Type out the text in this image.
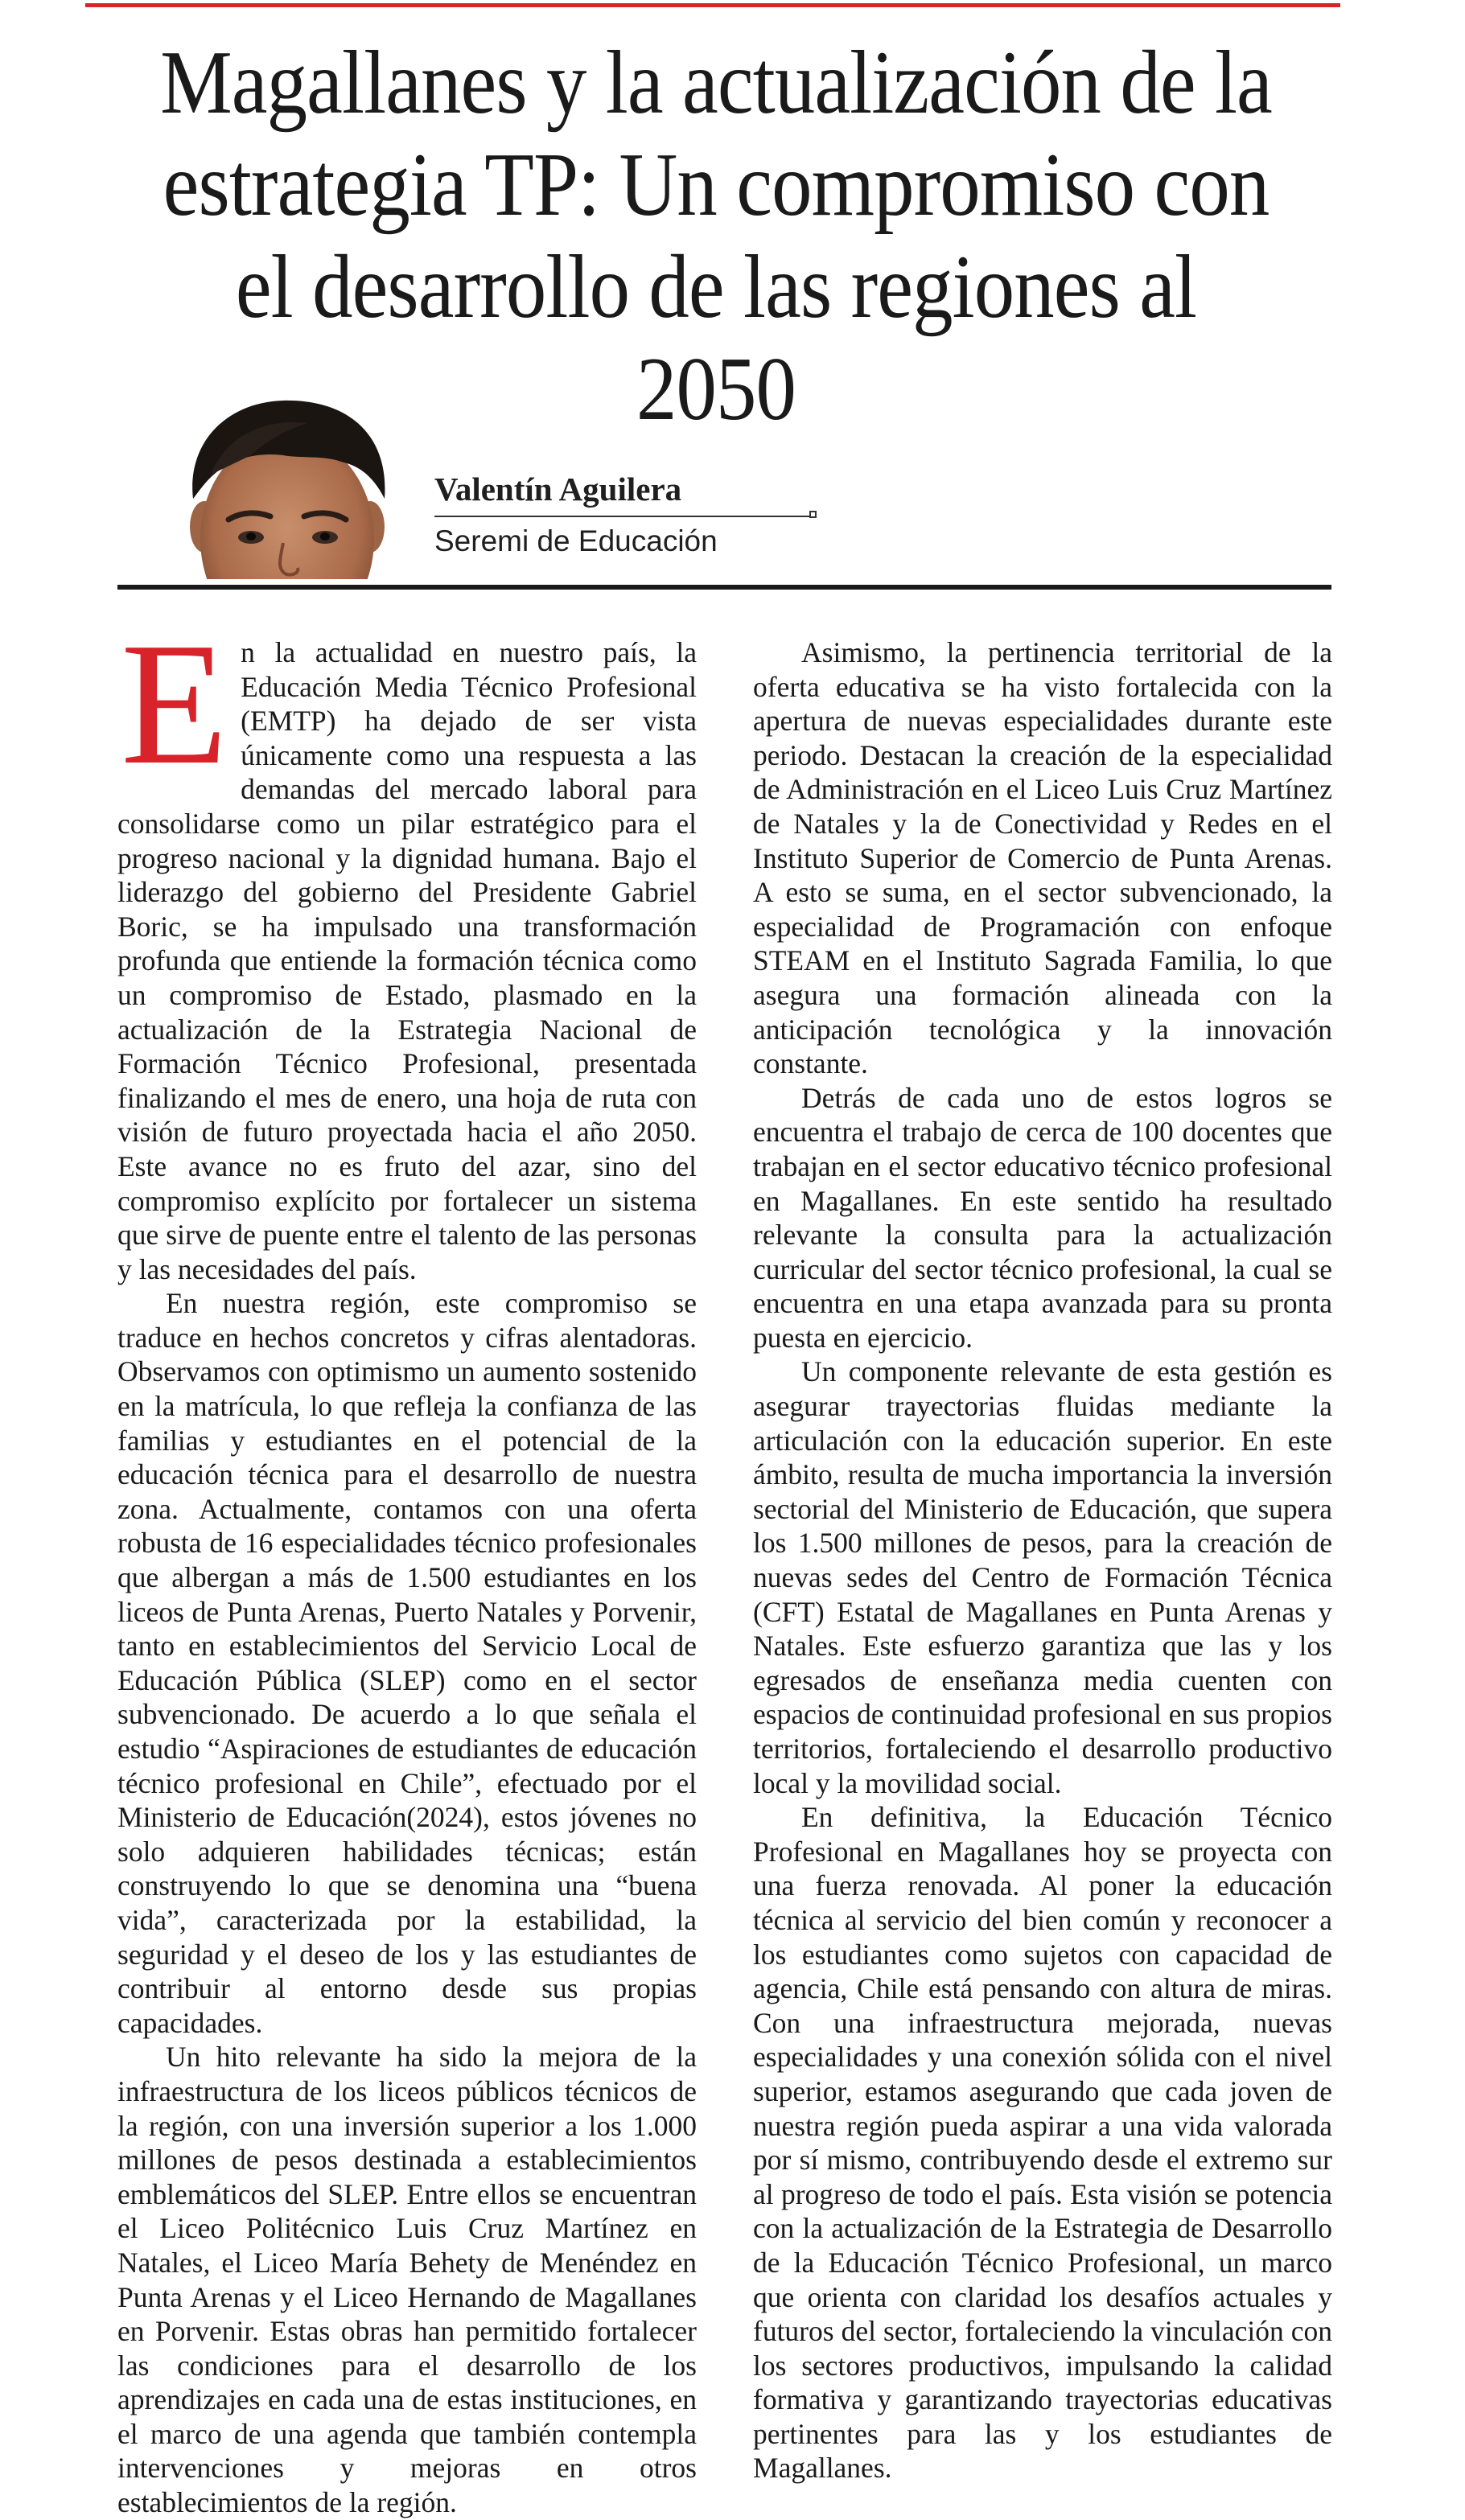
Magallanes y la actualización de la estrategia TP: Un compromiso con el desarrollo de las regiones al 2050
Valentín Aguilera
Seremi de Educación

En la actualidad en nuestro país, la Educación Media Técnico Profesional (EMTP) ha dejado de ser vista únicamente como una respuesta a las demandas del mercado laboral para consolidarse como un pilar estratégico para el progreso nacional y la dignidad humana. Bajo el liderazgo del gobierno del Presidente Gabriel Boric, se ha impulsado una transformación profunda que entiende la formación técnica como un compromiso de Estado, plasmado en la actualización de la Estrategia Nacional de Formación Técnico Profesional, presentada finalizando el mes de enero, una hoja de ruta con visión de futuro proyectada hacia el año 2050. Este avance no es fruto del azar, sino del compromiso explícito por fortalecer un sistema que sirve de puente entre el talento de las personas y las necesidades del país.

En nuestra región, este compromiso se traduce en hechos concretos y cifras alentadoras. Observamos con optimismo un aumento sostenido en la matrícula, lo que refleja la confianza de las familias y estudiantes en el potencial de la educación técnica para el desarrollo de nuestra zona. Actualmente, contamos con una oferta robusta de 16 especialidades técnico profesionales que albergan a más de 1.500 estudiantes en los liceos de Punta Arenas, Puerto Natales y Porvenir, tanto en establecimientos del Servicio Local de Educación Pública (SLEP) como en el sector subvencionado. De acuerdo a lo que señala el estudio “Aspiraciones de estudiantes de educación técnico profesional en Chile”, efectuado por el Ministerio de Educación(2024), estos jóvenes no solo adquieren habilidades técnicas; están construyendo lo que se denomina una “buena vida”, caracterizada por la estabilidad, la seguridad y el deseo de los y las estudiantes de contribuir al entorno desde sus propias capacidades.

Un hito relevante ha sido la mejora de la infraestructura de los liceos públicos técnicos de la región, con una inversión superior a los 1.000 millones de pesos destinada a establecimientos emblemáticos del SLEP. Entre ellos se encuentran el Liceo Politécnico Luis Cruz Martínez en Natales, el Liceo María Behety de Menéndez en Punta Arenas y el Liceo Hernando de Magallanes en Porvenir. Estas obras han permitido fortalecer las condiciones para el desarrollo de los aprendizajes en cada una de estas instituciones, en el marco de una agenda que también contempla intervenciones y mejoras en otros establecimientos de la región.

Asimismo, la pertinencia territorial de la oferta educativa se ha visto fortalecida con la apertura de nuevas especialidades durante este periodo. Destacan la creación de la especialidad de Administración en el Liceo Luis Cruz Martínez de Natales y la de Conectividad y Redes en el Instituto Superior de Comercio de Punta Arenas. A esto se suma, en el sector subvencionado, la especialidad de Programación con enfoque STEAM en el Instituto Sagrada Familia, lo que asegura una formación alineada con la anticipación tecnológica y la innovación constante.

Detrás de cada uno de estos logros se encuentra el trabajo de cerca de 100 docentes que trabajan en el sector educativo técnico profesional en Magallanes. En este sentido ha resultado relevante la consulta para la actualización curricular del sector técnico profesional, la cual se encuentra en una etapa avanzada para su pronta puesta en ejercicio.

Un componente relevante de esta gestión es asegurar trayectorias fluidas mediante la articulación con la educación superior. En este ámbito, resulta de mucha importancia la inversión sectorial del Ministerio de Educación, que supera los 1.500 millones de pesos, para la creación de nuevas sedes del Centro de Formación Técnica (CFT) Estatal de Magallanes en Punta Arenas y Natales. Este esfuerzo garantiza que las y los egresados de enseñanza media cuenten con espacios de continuidad profesional en sus propios territorios, fortaleciendo el desarrollo productivo local y la movilidad social.

En definitiva, la Educación Técnico Profesional en Magallanes hoy se proyecta con una fuerza renovada. Al poner la educación técnica al servicio del bien común y reconocer a los estudiantes como sujetos con capacidad de agencia, Chile está pensando con altura de miras. Con una infraestructura mejorada, nuevas especialidades y una conexión sólida con el nivel superior, estamos asegurando que cada joven de nuestra región pueda aspirar a una vida valorada por sí mismo, contribuyendo desde el extremo sur al progreso de todo el país. Esta visión se potencia con la actualización de la Estrategia de Desarrollo de la Educación Técnico Profesional, un marco que orienta con claridad los desafíos actuales y futuros del sector, fortaleciendo la vinculación con los sectores productivos, impulsando la calidad formativa y garantizando trayectorias educativas pertinentes para las y los estudiantes de Magallanes.
